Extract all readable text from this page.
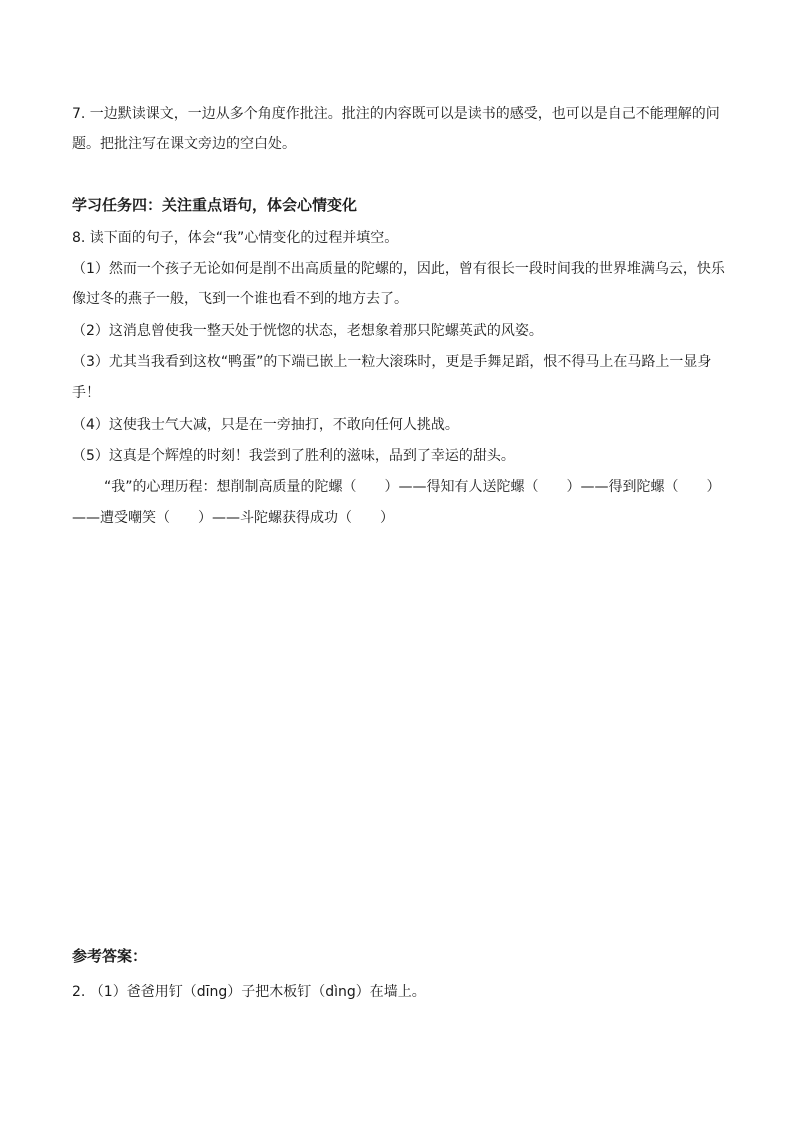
7. 一边默读课文，一边从多个角度作批注。批注的内容既可以是读书的感受，也可以是自己不能理解的问
题。把批注写在课文旁边的空白处。
学习任务四：关注重点语句，体会心情变化
8. 读下面的句子，体会“我”心情变化的过程并填空。
（1）然而一个孩子无论如何是削不出高质量的陀螺的，因此，曾有很长一段时间我的世界堆满乌云，快乐
像过冬的燕子一般，飞到一个谁也看不到的地方去了。
（2）这消息曾使我一整天处于恍惚的状态，老想象着那只陀螺英武的风姿。
（3）尤其当我看到这枚“鸭蛋”的下端已嵌上一粒大滚珠时，更是手舞足蹈，恨不得马上在马路上一显身
手！
（4）这使我士气大减，只是在一旁抽打，不敢向任何人挑战。
（5）这真是个辉煌的时刻！我尝到了胜利的滋味，品到了幸运的甜头。
“我”的心理历程：想削制高质量的陀螺（　　）——得知有人送陀螺（　　）——得到陀螺（　　）
——遭受嘲笑（　　）——斗陀螺获得成功（　　）
参考答案：
2. （1）爸爸用钉（dīng）子把木板钉（dìng）在墙上。
